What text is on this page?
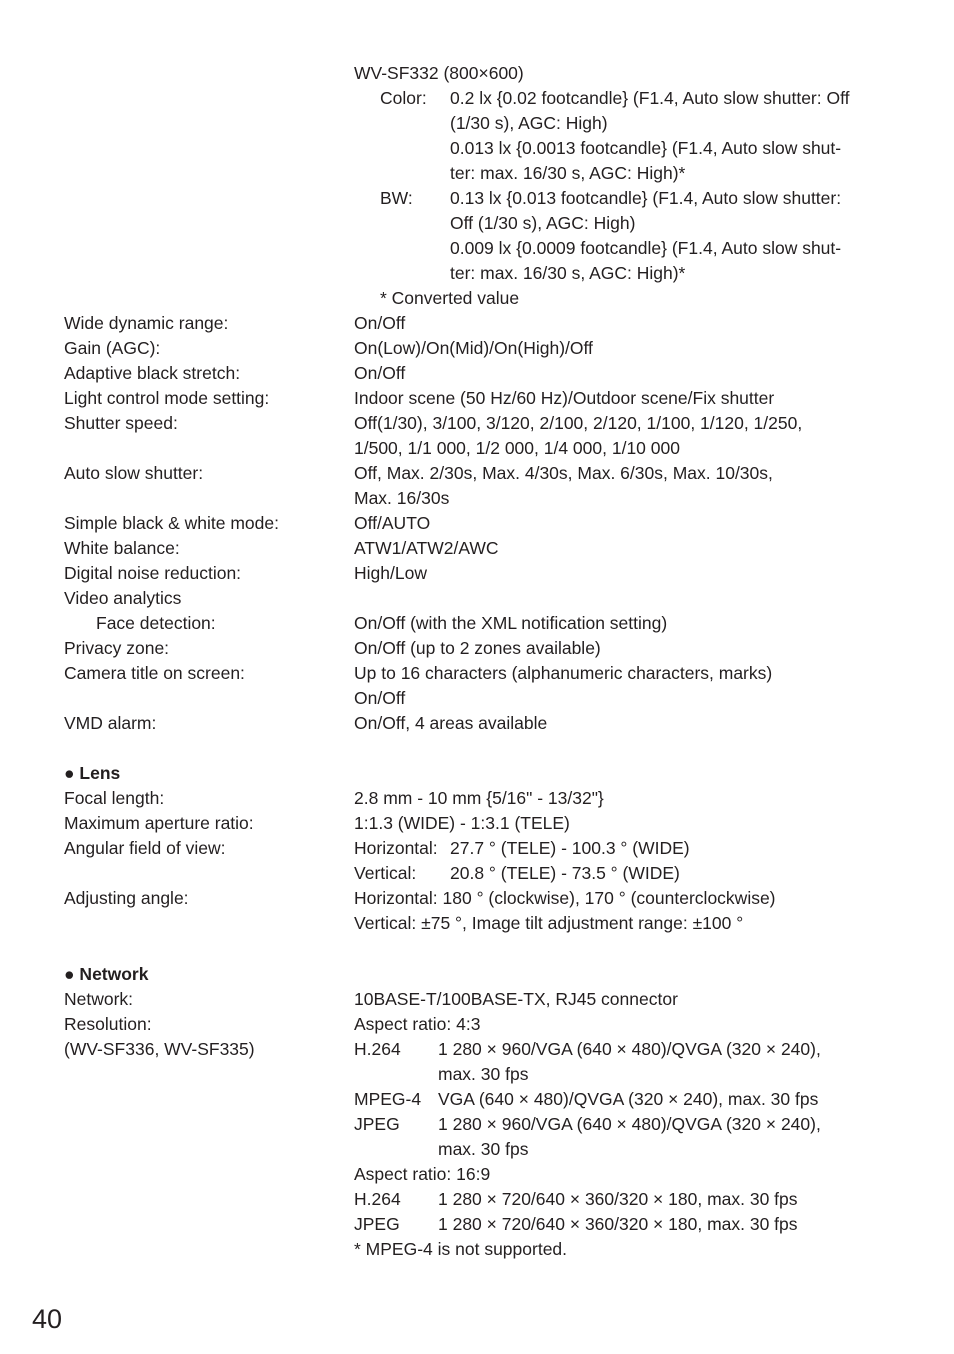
WV-SF332 (800×600)
Color: 0.2 lx {0.02 footcandle} (F1.4, Auto slow shutter: Off
(1/30 s), AGC: High)
0.013 lx {0.0013 footcandle} (F1.4, Auto slow shut-
ter: max. 16/30 s, AGC: High)*
BW: 0.13 lx {0.013 footcandle} (F1.4, Auto slow shutter:
Off (1/30 s), AGC: High)
0.009 lx {0.0009 footcandle} (F1.4, Auto slow shut-
ter: max. 16/30 s, AGC: High)*
* Converted value
Wide dynamic range:	On/Off
Gain (AGC):	On(Low)/On(Mid)/On(High)/Off
Adaptive black stretch:	On/Off
Light control mode setting:	Indoor scene (50 Hz/60 Hz)/Outdoor scene/Fix shutter
Shutter speed:	Off(1/30), 3/100, 3/120, 2/100, 2/120, 1/100, 1/120, 1/250,
1/500, 1/1 000, 1/2 000, 1/4 000, 1/10 000
Auto slow shutter:	Off, Max. 2/30s, Max. 4/30s, Max. 6/30s, Max. 10/30s,
Max. 16/30s
Simple black & white mode:	Off/AUTO
White balance:	ATW1/ATW2/AWC
Digital noise reduction:	High/Low
Video analytics
Face detection:	On/Off (with the XML notification setting)
Privacy zone:	On/Off (up to 2 zones available)
Camera title on screen:	Up to 16 characters (alphanumeric characters, marks)
On/Off
VMD alarm:	On/Off, 4 areas available
● Lens
Focal length:	2.8 mm - 10 mm {5/16" - 13/32"}
Maximum aperture ratio:	1:1.3 (WIDE) - 1:3.1 (TELE)
Angular field of view:	Horizontal: 27.7 ° (TELE) - 100.3 ° (WIDE)
Vertical: 20.8 ° (TELE) - 73.5 ° (WIDE)
Adjusting angle:	Horizontal: 180 ° (clockwise), 170 ° (counterclockwise)
Vertical: ±75 °, Image tilt adjustment range: ±100 °
● Network
Network:	10BASE-T/100BASE-TX, RJ45 connector
Resolution:	Aspect ratio: 4:3
(WV-SF336, WV-SF335)	H.264 1 280 × 960/VGA (640 × 480)/QVGA (320 × 240),
max. 30 fps
MPEG-4 VGA (640 × 480)/QVGA (320 × 240), max. 30 fps
JPEG 1 280 × 960/VGA (640 × 480)/QVGA (320 × 240),
max. 30 fps
Aspect ratio: 16:9
H.264 1 280 × 720/640 × 360/320 × 180, max. 30 fps
JPEG 1 280 × 720/640 × 360/320 × 180, max. 30 fps
* MPEG-4 is not supported.
40
